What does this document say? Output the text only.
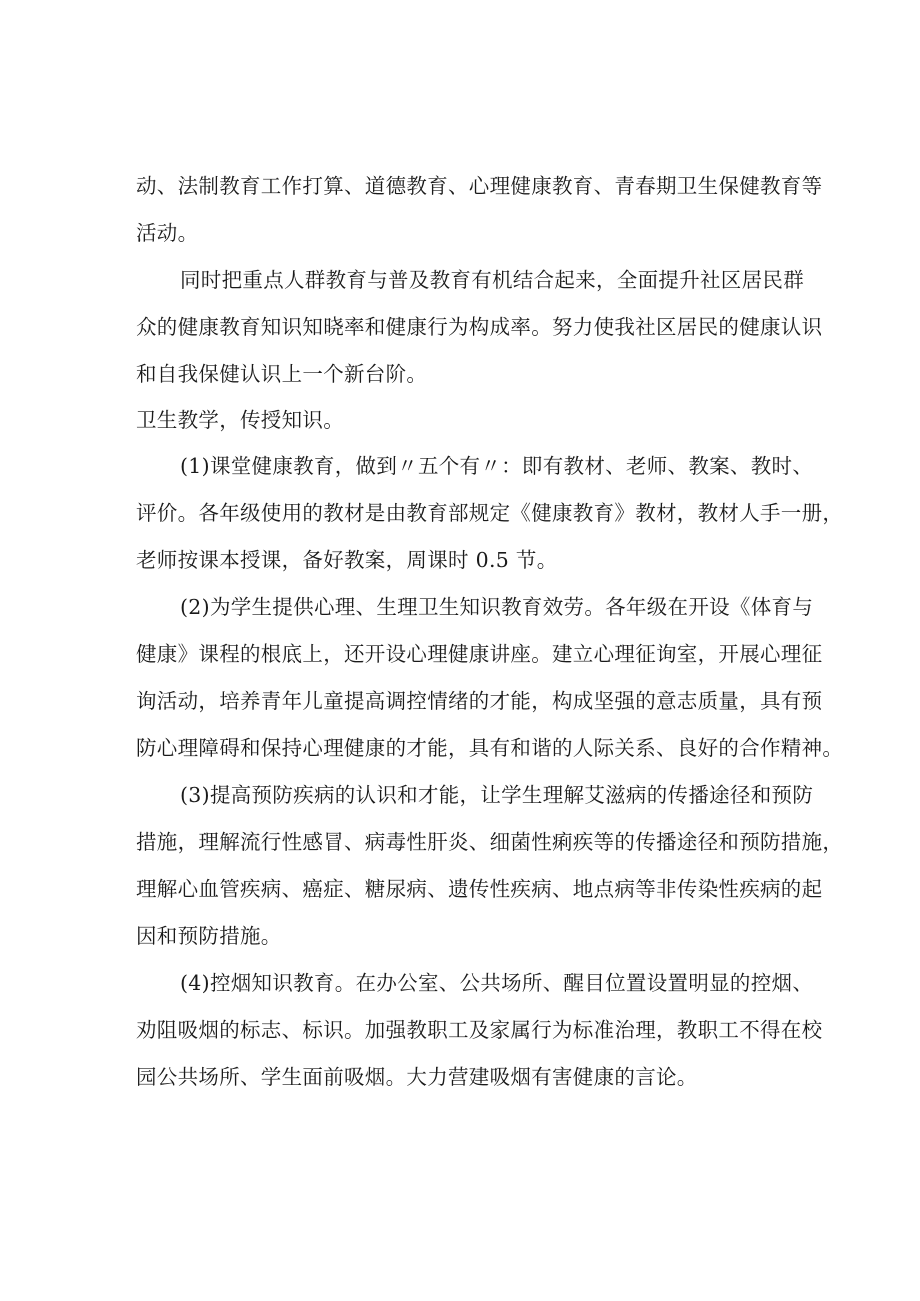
动、法制教育工作打算、道德教育、心理健康教育、青春期卫生保健教育等
活动。
同时把重点人群教育与普及教育有机结合起来，全面提升社区居民群
众的健康教育知识知晓率和健康行为构成率。努力使我社区居民的健康认识
和自我保健认识上一个新台阶。
卫生教学，传授知识。
(1)课堂健康教育，做到〃五个有〃：即有教材、老师、教案、教时、
评价。各年级使用的教材是由教育部规定《健康教育》教材，教材人手一册，
老师按课本授课，备好教案，周课时 0.5 节。
(2)为学生提供心理、生理卫生知识教育效劳。各年级在开设《体育与
健康》课程的根底上，还开设心理健康讲座。建立心理征询室，开展心理征
询活动，培养青年儿童提高调控情绪的才能，构成坚强的意志质量，具有预
防心理障碍和保持心理健康的才能，具有和谐的人际关系、良好的合作精神。
(3)提高预防疾病的认识和才能，让学生理解艾滋病的传播途径和预防
措施，理解流行性感冒、病毒性肝炎、细菌性痢疾等的传播途径和预防措施，
理解心血管疾病、癌症、糖尿病、遗传性疾病、地点病等非传染性疾病的起
因和预防措施。
(4)控烟知识教育。在办公室、公共场所、醒目位置设置明显的控烟、
劝阻吸烟的标志、标识。加强教职工及家属行为标准治理，教职工不得在校
园公共场所、学生面前吸烟。大力营建吸烟有害健康的言论。
